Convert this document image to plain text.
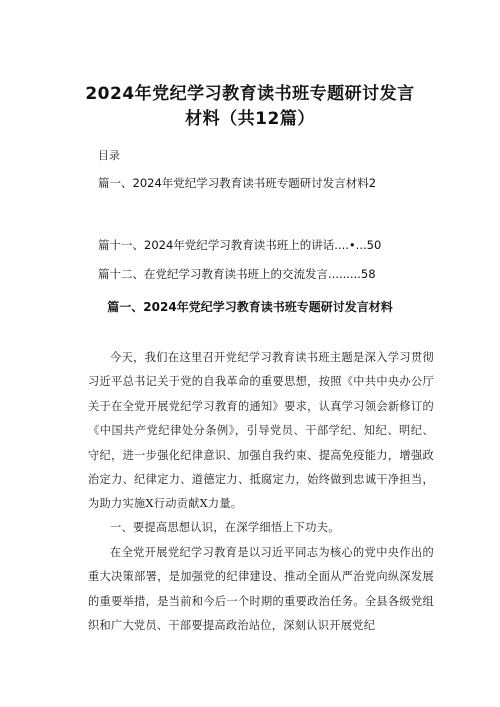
2024年党纪学习教育读书班专题研讨发言
材料（共12篇）
目录
篇一、2024年党纪学习教育读书班专题研讨发言材料2
篇十一、2024年党纪学习教育读书班上的讲话....•...50
篇十二、在党纪学习教育读书班上的交流发言.........58
篇一、2024年党纪学习教育读书班专题研讨发言材料
今天，我们在这里召开党纪学习教育读书班主题是深入学习贯彻习近平总书记关于党的自我革命的重要思想，按照《中共中央办公厅关于在全党开展党纪学习教育的通知》要求，认真学习领会新修订的《中国共产党纪律处分条例》，引导党员、干部学纪、知纪、明纪、守纪，进一步强化纪律意识、加强自我约束、提高免疫能力，增强政治定力、纪律定力、道德定力、抵腐定力，始终做到忠诚干净担当，为助力实施X行动贡献X力量。
一、要提高思想认识，在深学细悟上下功夫。
在全党开展党纪学习教育是以习近平同志为核心的党中央作出的重大决策部署，是加强党的纪律建设、推动全面从严治党向纵深发展的重要举措，是当前和今后一个时期的重要政治任务。全县各级党组织和广大党员、干部要提高政治站位，深刻认识开展党纪
